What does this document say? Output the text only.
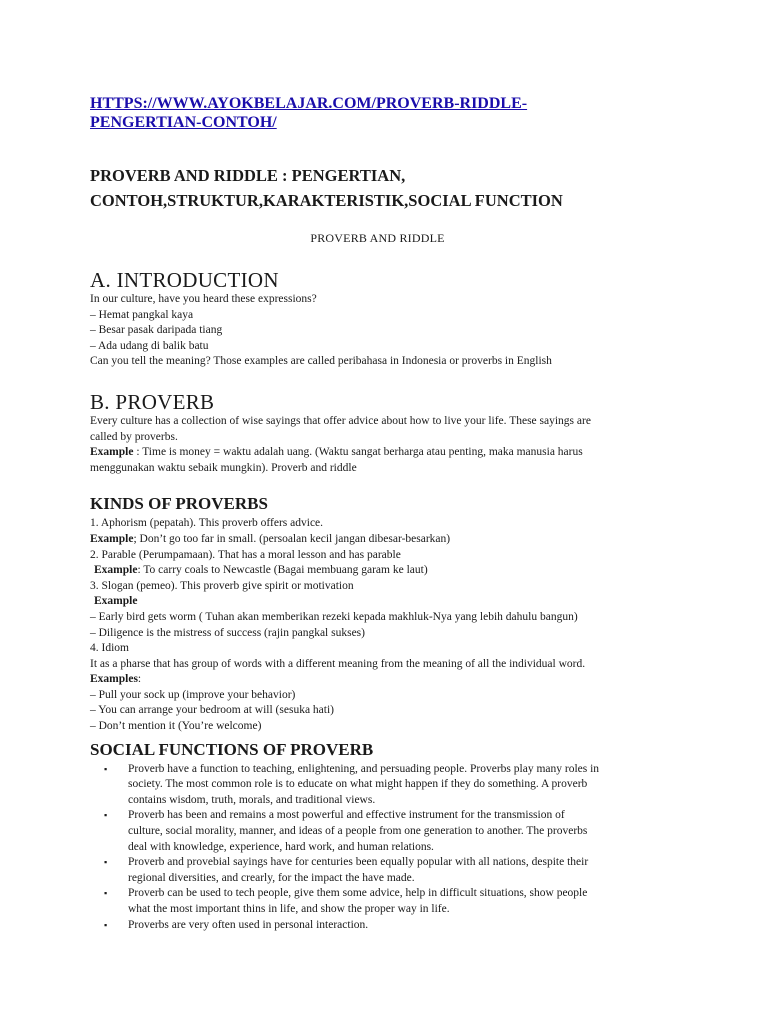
HTTPS://WWW.AYOKBELAJAR.COM/PROVERB-RIDDLE-
PENGERTIAN-CONTOH/
PROVERB AND RIDDLE : PENGERTIAN,
CONTOH,STRUKTUR,KARAKTERISTIK,SOCIAL FUNCTION
PROVERB AND RIDDLE
A. INTRODUCTION

In our culture, have you heard these expressions?

– Hemat pangkal kaya

– Besar pasak daripada tiang

– Ada udang di balik batu

Can you tell the meaning? Those examples are called peribahasa in Indonesia or proverbs in English

B. PROVERB

Every culture has a collection of wise sayings that offer advice about how to live your life. These sayings are

called by proverbs.

Example : Time is money = waktu adalah uang. (Waktu sangat berharga atau penting, maka manusia harus

menggunakan waktu sebaik mungkin). Proverb and riddle

KINDS OF PROVERBS

1. Aphorism (pepatah). This proverb offers advice.

Example; Don’t go too far in small. (persoalan kecil jangan dibesar-besarkan)

2. Parable (Perumpamaan). That has a moral lesson and has parable

Example: To carry coals to Newcastle (Bagai membuang garam ke laut)

3. Slogan (pemeo). This proverb give spirit or motivation

Example

– Early bird gets worm ( Tuhan akan memberikan rezeki kepada makhluk-Nya yang lebih dahulu bangun)

– Diligence is the mistress of success (rajin pangkal sukses)

4. Idiom

It as a pharse that has group of words with a different meaning from the meaning of all the individual word.

Examples:

– Pull your sock up (improve your behavior)

– You can arrange your bedroom at will (sesuka hati)

– Don’t mention it (You’re welcome)

SOCIAL FUNCTIONS OF PROVERB
▪ Proverb have a function to teaching, enlightening, and persuading people. Proverbs play many roles in
society. The most common role is to educate on what might happen if they do something. A proverb
contains wisdom, truth, morals, and traditional views.
▪ Proverb has been and remains a most powerful and effective instrument for the transmission of
culture, social morality, manner, and ideas of a people from one generation to another. The proverbs
deal with knowledge, experience, hard work, and human relations.
▪ Proverb and provebial sayings have for centuries been equally popular with all nations, despite their
regional diversities, and crearly, for the impact the have made.
▪ Proverb can be used to tech people, give them some advice, help in difficult situations, show people
what the most important thins in life, and show the proper way in life.
▪ Proverbs are very often used in personal interaction.
